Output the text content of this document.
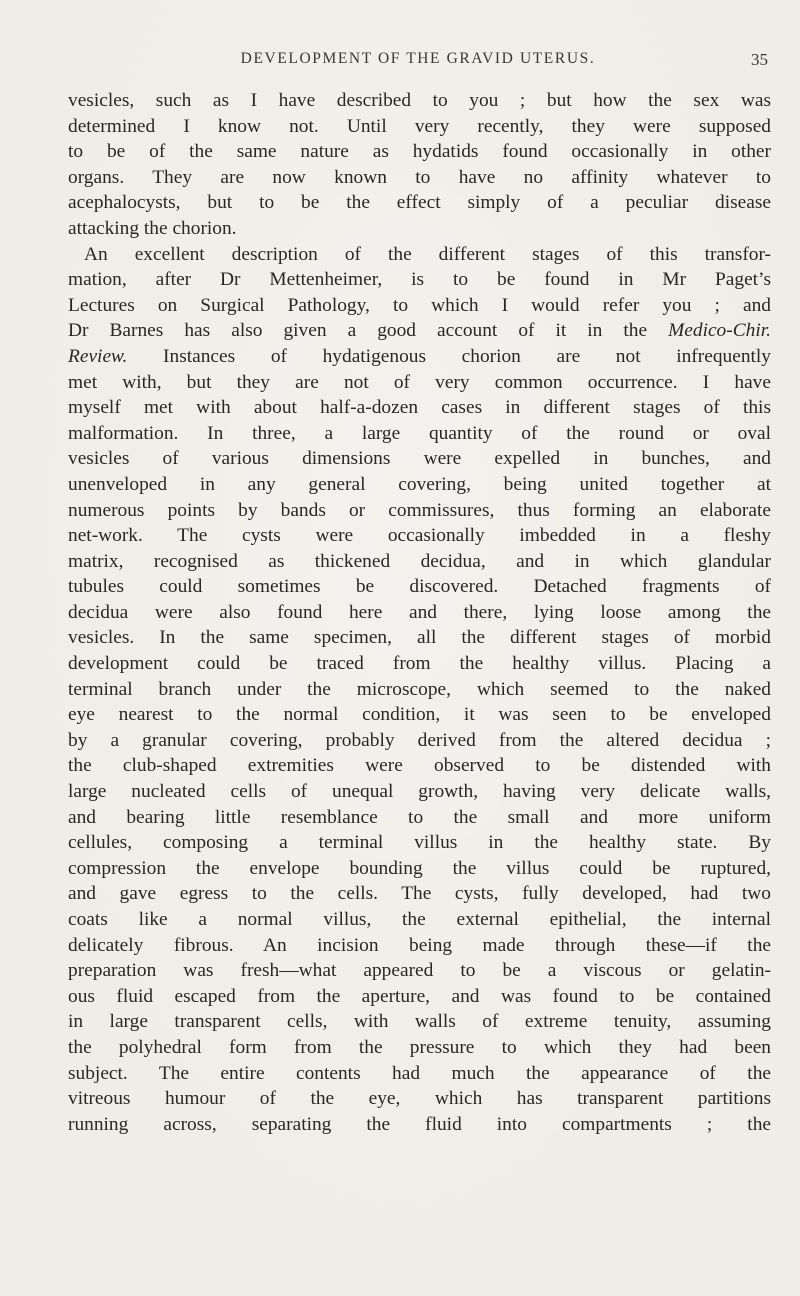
DEVELOPMENT OF THE GRAVID UTERUS.	35
vesicles, such as I have described to you ; but how the sex was
determined I know not. Until very recently, they were supposed
to be of the same nature as hydatids found occasionally in other
organs. They are now known to have no affinity whatever to
acephalocysts, but to be the effect simply of a peculiar disease
attacking the chorion.
An excellent description of the different stages of this transfor-
mation, after Dr Mettenheimer, is to be found in Mr Paget’s
Lectures on Surgical Pathology, to which I would refer you ; and
Dr Barnes has also given a good account of it in the Medico-Chir.
Review. Instances of hydatigenous chorion are not infrequently
met with, but they are not of very common occurrence. I have
myself met with about half-a-dozen cases in different stages of this
malformation. In three, a large quantity of the round or oval
vesicles of various dimensions were expelled in bunches, and
unenveloped in any general covering, being united together at
numerous points by bands or commissures, thus forming an elaborate
net-work. The cysts were occasionally imbedded in a fleshy
matrix, recognised as thickened decidua, and in which glandular
tubules could sometimes be discovered. Detached fragments of
decidua were also found here and there, lying loose among the
vesicles. In the same specimen, all the different stages of morbid
development could be traced from the healthy villus. Placing a
terminal branch under the microscope, which seemed to the naked
eye nearest to the normal condition, it was seen to be enveloped
by a granular covering, probably derived from the altered decidua ;
the club-shaped extremities were observed to be distended with
large nucleated cells of unequal growth, having very delicate walls,
and bearing little resemblance to the small and more uniform
cellules, composing a terminal villus in the healthy state. By
compression the envelope bounding the villus could be ruptured,
and gave egress to the cells. The cysts, fully developed, had two
coats like a normal villus, the external epithelial, the internal
delicately fibrous. An incision being made through these—if the
preparation was fresh—what appeared to be a viscous or gelatin-
ous fluid escaped from the aperture, and was found to be contained
in large transparent cells, with walls of extreme tenuity, assuming
the polyhedral form from the pressure to which they had been
subject. The entire contents had much the appearance of the
vitreous humour of the eye, which has transparent partitions
running across, separating the fluid into compartments ; the
